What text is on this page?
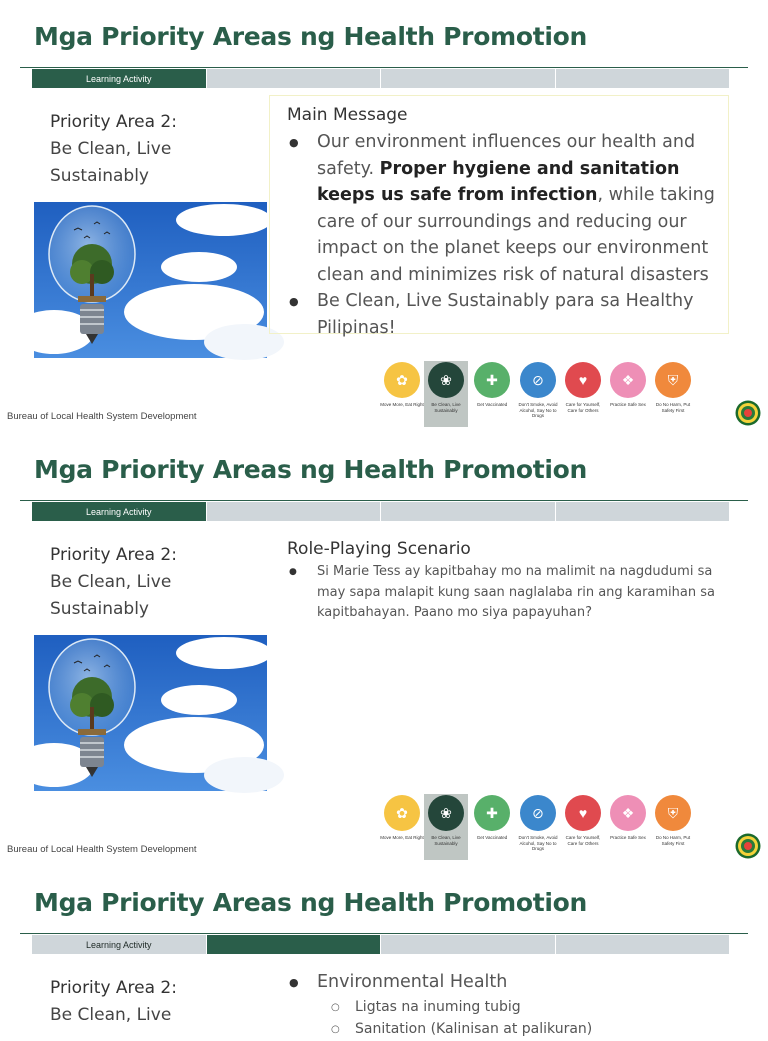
Mga Priority Areas ng Health Promotion
Learning Activity
Priority Area 2:
Be Clean, Live Sustainably
Main Message
● Our environment influences our health and safety. Proper hygiene and sanitation keeps us safe from infection, while taking care of our surroundings and reducing our impact on the planet keeps our environment clean and minimizes risk of natural disasters
● Be Clean, Live Sustainably para sa Healthy Pilipinas!
Bureau of Local Health System Development
✿
Move More, Eat Right
❀
Be Clean, Live Sustainably
✚
Get Vaccinated
⊘
Don't Smoke, Avoid Alcohol, Say No to Drugs
♥
Care for Yourself, Care for Others
❖
Practice Safe Sex
⛨
Do No Harm, Put Safety First
Mga Priority Areas ng Health Promotion
Learning Activity
Priority Area 2:
Be Clean, Live Sustainably
Role-Playing Scenario
● Si Marie Tess ay kapitbahay mo na malimit na nagdudumi sa may sapa malapit kung saan naglalaba rin ang karamihan sa kapitbahayan. Paano mo siya papayuhan?
Bureau of Local Health System Development
✿
Move More, Eat Right
❀
Be Clean, Live Sustainably
✚
Get Vaccinated
⊘
Don't Smoke, Avoid Alcohol, Say No to Drugs
♥
Care for Yourself, Care for Others
❖
Practice Safe Sex
⛨
Do No Harm, Put Safety First
Mga Priority Areas ng Health Promotion
Learning Activity
Priority Area 2:
Be Clean, Live
● Environmental Health
○ Ligtas na inuming tubig
○ Sanitation (Kalinisan at palikuran)
